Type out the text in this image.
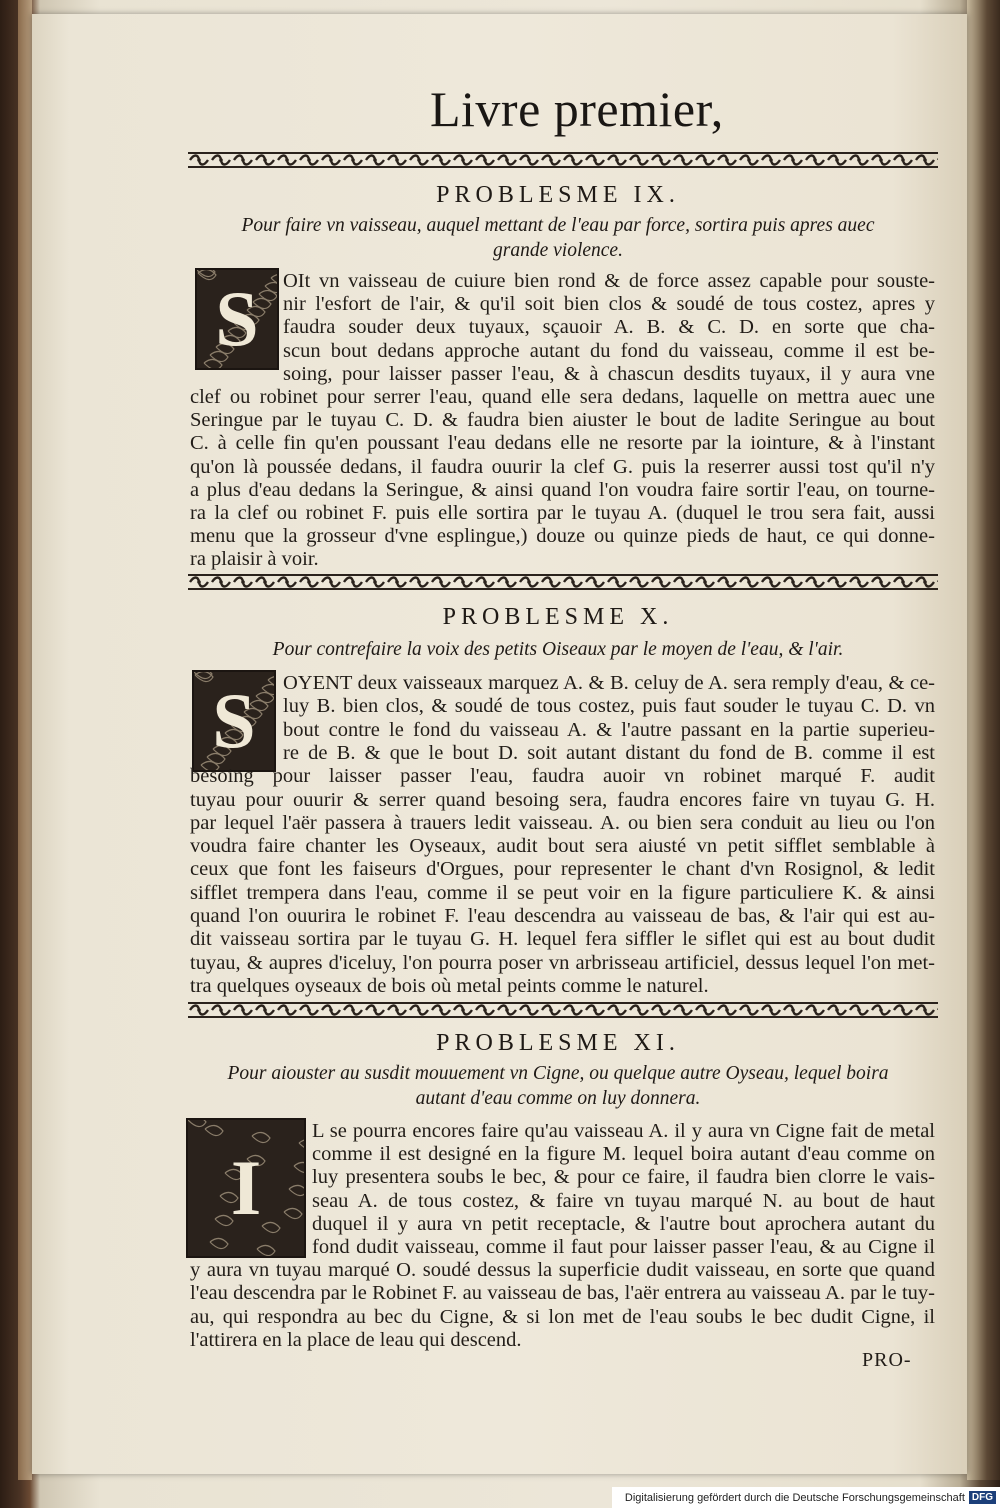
Livre premier,
PROBLESME IX.
Pour faire vn vaisseau, auquel mettant de l'eau par force, sortira puis apres auec
grande violence.
S OIt vn vaisseau de cuiure bien rond & de force assez capable pour souste-
nir l'esfort de l'air, & qu'il soit bien clos & soudé de tous costez, apres y
faudra souder deux tuyaux, sçauoir A. B. & C. D. en sorte que cha-
scun bout dedans approche autant du fond du vaisseau, comme il est be-
soing, pour laisser passer l'eau, & à chascun desdits tuyaux, il y aura vne
clef ou robinet pour serrer l'eau, quand elle sera dedans, laquelle on mettra auec une
Seringue par le tuyau C. D. & faudra bien aiuster le bout de ladite Seringue au bout
C. à celle fin qu'en poussant l'eau dedans elle ne resorte par la iointure, & à l'instant
qu'on là poussée dedans, il faudra ouurir la clef G. puis la reserrer aussi tost qu'il n'y
a plus d'eau dedans la Seringue, & ainsi quand l'on voudra faire sortir l'eau, on tourne-
ra la clef ou robinet F. puis elle sortira par le tuyau A. (duquel le trou sera fait, aussi
menu que la grosseur d'vne esplingue,) douze ou quinze pieds de haut, ce qui donne-
ra plaisir à voir.
PROBLESME X.
Pour contrefaire la voix des petits Oiseaux par le moyen de l'eau, & l'air.
S OYENT deux vaisseaux marquez A. & B. celuy de A. sera remply d'eau, & ce-
luy B. bien clos, & soudé de tous costez, puis faut souder le tuyau C. D. vn
bout contre le fond du vaisseau A. & l'autre passant en la partie superieu-
re de B. & que le bout D. soit autant distant du fond de B. comme il est
besoing pour laisser passer l'eau, faudra auoir vn robinet marqué F. audit
tuyau pour ouurir & serrer quand besoing sera, faudra encores faire vn tuyau G. H.
par lequel l'aër passera à trauers ledit vaisseau. A. ou bien sera conduit au lieu ou l'on
voudra faire chanter les Oyseaux, audit bout sera aiusté vn petit sifflet semblable à
ceux que font les faiseurs d'Orgues, pour representer le chant d'vn Rosignol, & ledit
sifflet trempera dans l'eau, comme il se peut voir en la figure particuliere K. & ainsi
quand l'on ouurira le robinet F. l'eau descendra au vaisseau de bas, & l'air qui est au-
dit vaisseau sortira par le tuyau G. H. lequel fera siffler le siflet qui est au bout dudit
tuyau, & aupres d'iceluy, l'on pourra poser vn arbrisseau artificiel, dessus lequel l'on met-
tra quelques oyseaux de bois où metal peints comme le naturel.
PROBLESME XI.
Pour aiouster au susdit mouuement vn Cigne, ou quelque autre Oyseau, lequel boira
autant d'eau comme on luy donnera.
I
L se pourra encores faire qu'au vaisseau A. il y aura vn Cigne fait de metal
comme il est designé en la figure M. lequel boira autant d'eau comme on
luy presentera soubs le bec, & pour ce faire, il faudra bien clorre le vais-
seau A. de tous costez, & faire vn tuyau marqué N. au bout de haut
duquel il y aura vn petit receptacle, & l'autre bout aprochera autant du
fond dudit vaisseau, comme il faut pour laisser passer l'eau, & au Cigne il
y aura vn tuyau marqué O. soudé dessus la superficie dudit vaisseau, en sorte que quand
l'eau descendra par le Robinet F. au vaisseau de bas, l'aër entrera au vaisseau A. par le tuy-
au, qui respondra au bec du Cigne, & si lon met de l'eau soubs le bec dudit Cigne, il
l'attirera en la place de leau qui descend.
PRO-
Digitalisierung gefördert durch die Deutsche Forschungsgemeinschaft DFG
